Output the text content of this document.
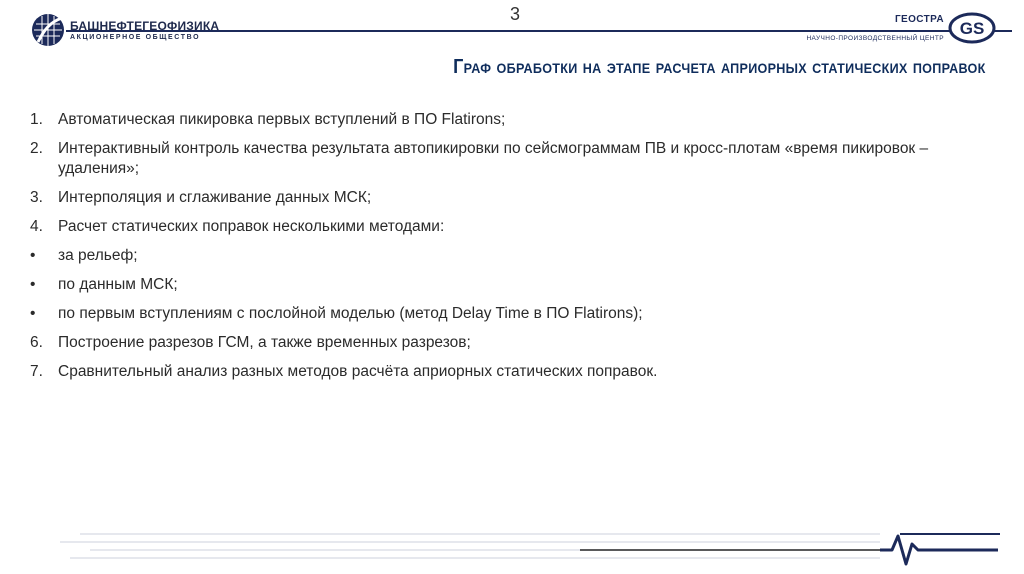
БАШНЕФТЕГЕОФИЗИКА
АКЦИОНЕРНОЕ ОБЩЕСТВО
3	ГЕОСТРА
НАУЧНО-ПРОИЗВОДСТВЕННЫЙ ЦЕНТР
GS
Граф обработки на этапе расчета априорных статических поправок
1. Автоматическая пикировка первых вступлений в ПО Flatirons;
2. Интерактивный контроль качества результата автопикировки по сейсмограммам ПВ и кросс-плотам «время пикировок – удаления»;
3. Интерполяция и сглаживание данных МСК;
4. Расчет статических поправок несколькими методами:
•	за рельеф;
•	по данным МСК;
•	по первым вступлениям с послойной моделью (метод Delay Time в ПО Flatirons);
6. Построение разрезов ГСМ, а также временных разрезов;
7. Сравнительный анализ разных методов расчёта априорных статических поправок.
